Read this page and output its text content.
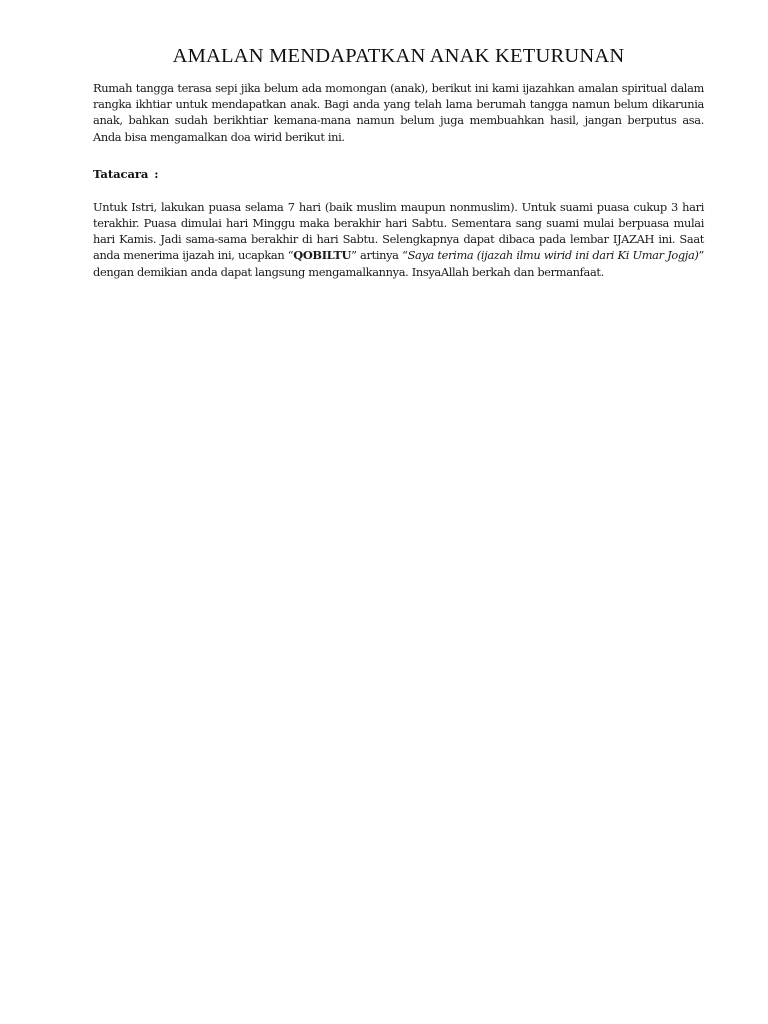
AMALAN MENDAPATKAN ANAK KETURUNAN

Rumah tangga terasa sepi jika belum ada momongan (anak), berikut ini kami ijazahkan amalan spiritual dalam rangka ikhtiar untuk mendapatkan anak. Bagi anda yang telah lama berumah tangga namun belum dikarunia anak, bahkan sudah berikhtiar kemana-mana namun belum juga membuahkan hasil, jangan berputus asa. Anda bisa mengamalkan doa wirid berikut ini.

Tatacara :

Untuk Istri, lakukan puasa selama 7 hari (baik muslim maupun nonmuslim). Untuk suami puasa cukup 3 hari terakhir. Puasa dimulai hari Minggu maka berakhir hari Sabtu. Sementara sang suami mulai berpuasa mulai hari Kamis. Jadi sama-sama berakhir di hari Sabtu. Selengkapnya dapat dibaca pada lembar IJAZAH ini. Saat anda menerima ijazah ini, ucapkan “QOBILTU” artinya “Saya terima (ijazah ilmu wirid ini dari Ki Umar Jogja)” dengan demikian anda dapat langsung mengamalkannya. InsyaAllah berkah dan bermanfaat.
